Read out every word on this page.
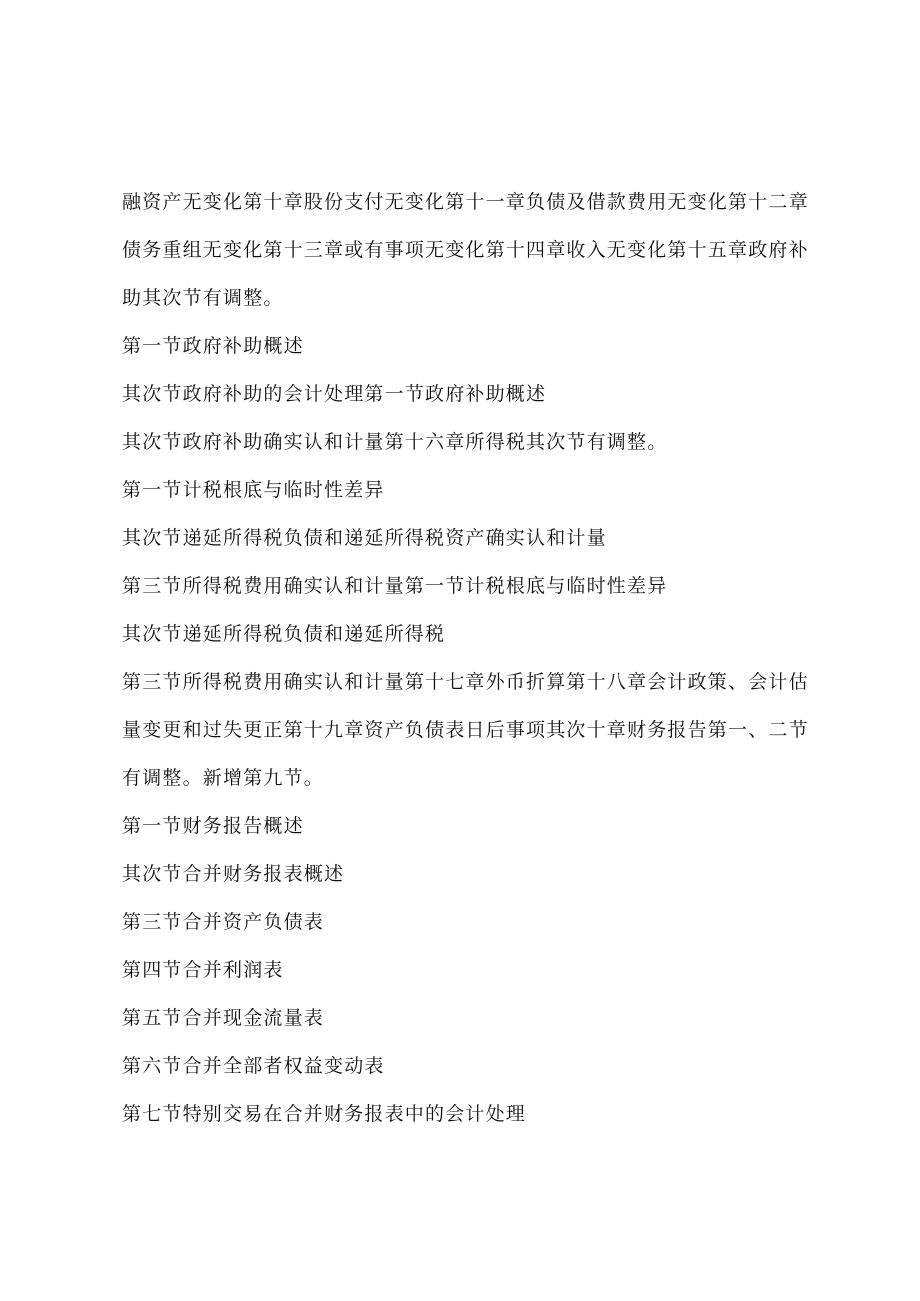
融资产无变化第十章股份支付无变化第十一章负债及借款费用无变化第十二章债务重组无变化第十三章或有事项无变化第十四章收入无变化第十五章政府补助其次节有调整。

第一节政府补助概述

其次节政府补助的会计处理第一节政府补助概述

其次节政府补助确实认和计量第十六章所得税其次节有调整。

第一节计税根底与临时性差异

其次节递延所得税负债和递延所得税资产确实认和计量

第三节所得税费用确实认和计量第一节计税根底与临时性差异

其次节递延所得税负债和递延所得税

第三节所得税费用确实认和计量第十七章外币折算第十八章会计政策、会计估量变更和过失更正第十九章资产负债表日后事项其次十章财务报告第一、二节有调整。新增第九节。

第一节财务报告概述

其次节合并财务报表概述

第三节合并资产负债表

第四节合并利润表

第五节合并现金流量表

第六节合并全部者权益变动表

第七节特别交易在合并财务报表中的会计处理
